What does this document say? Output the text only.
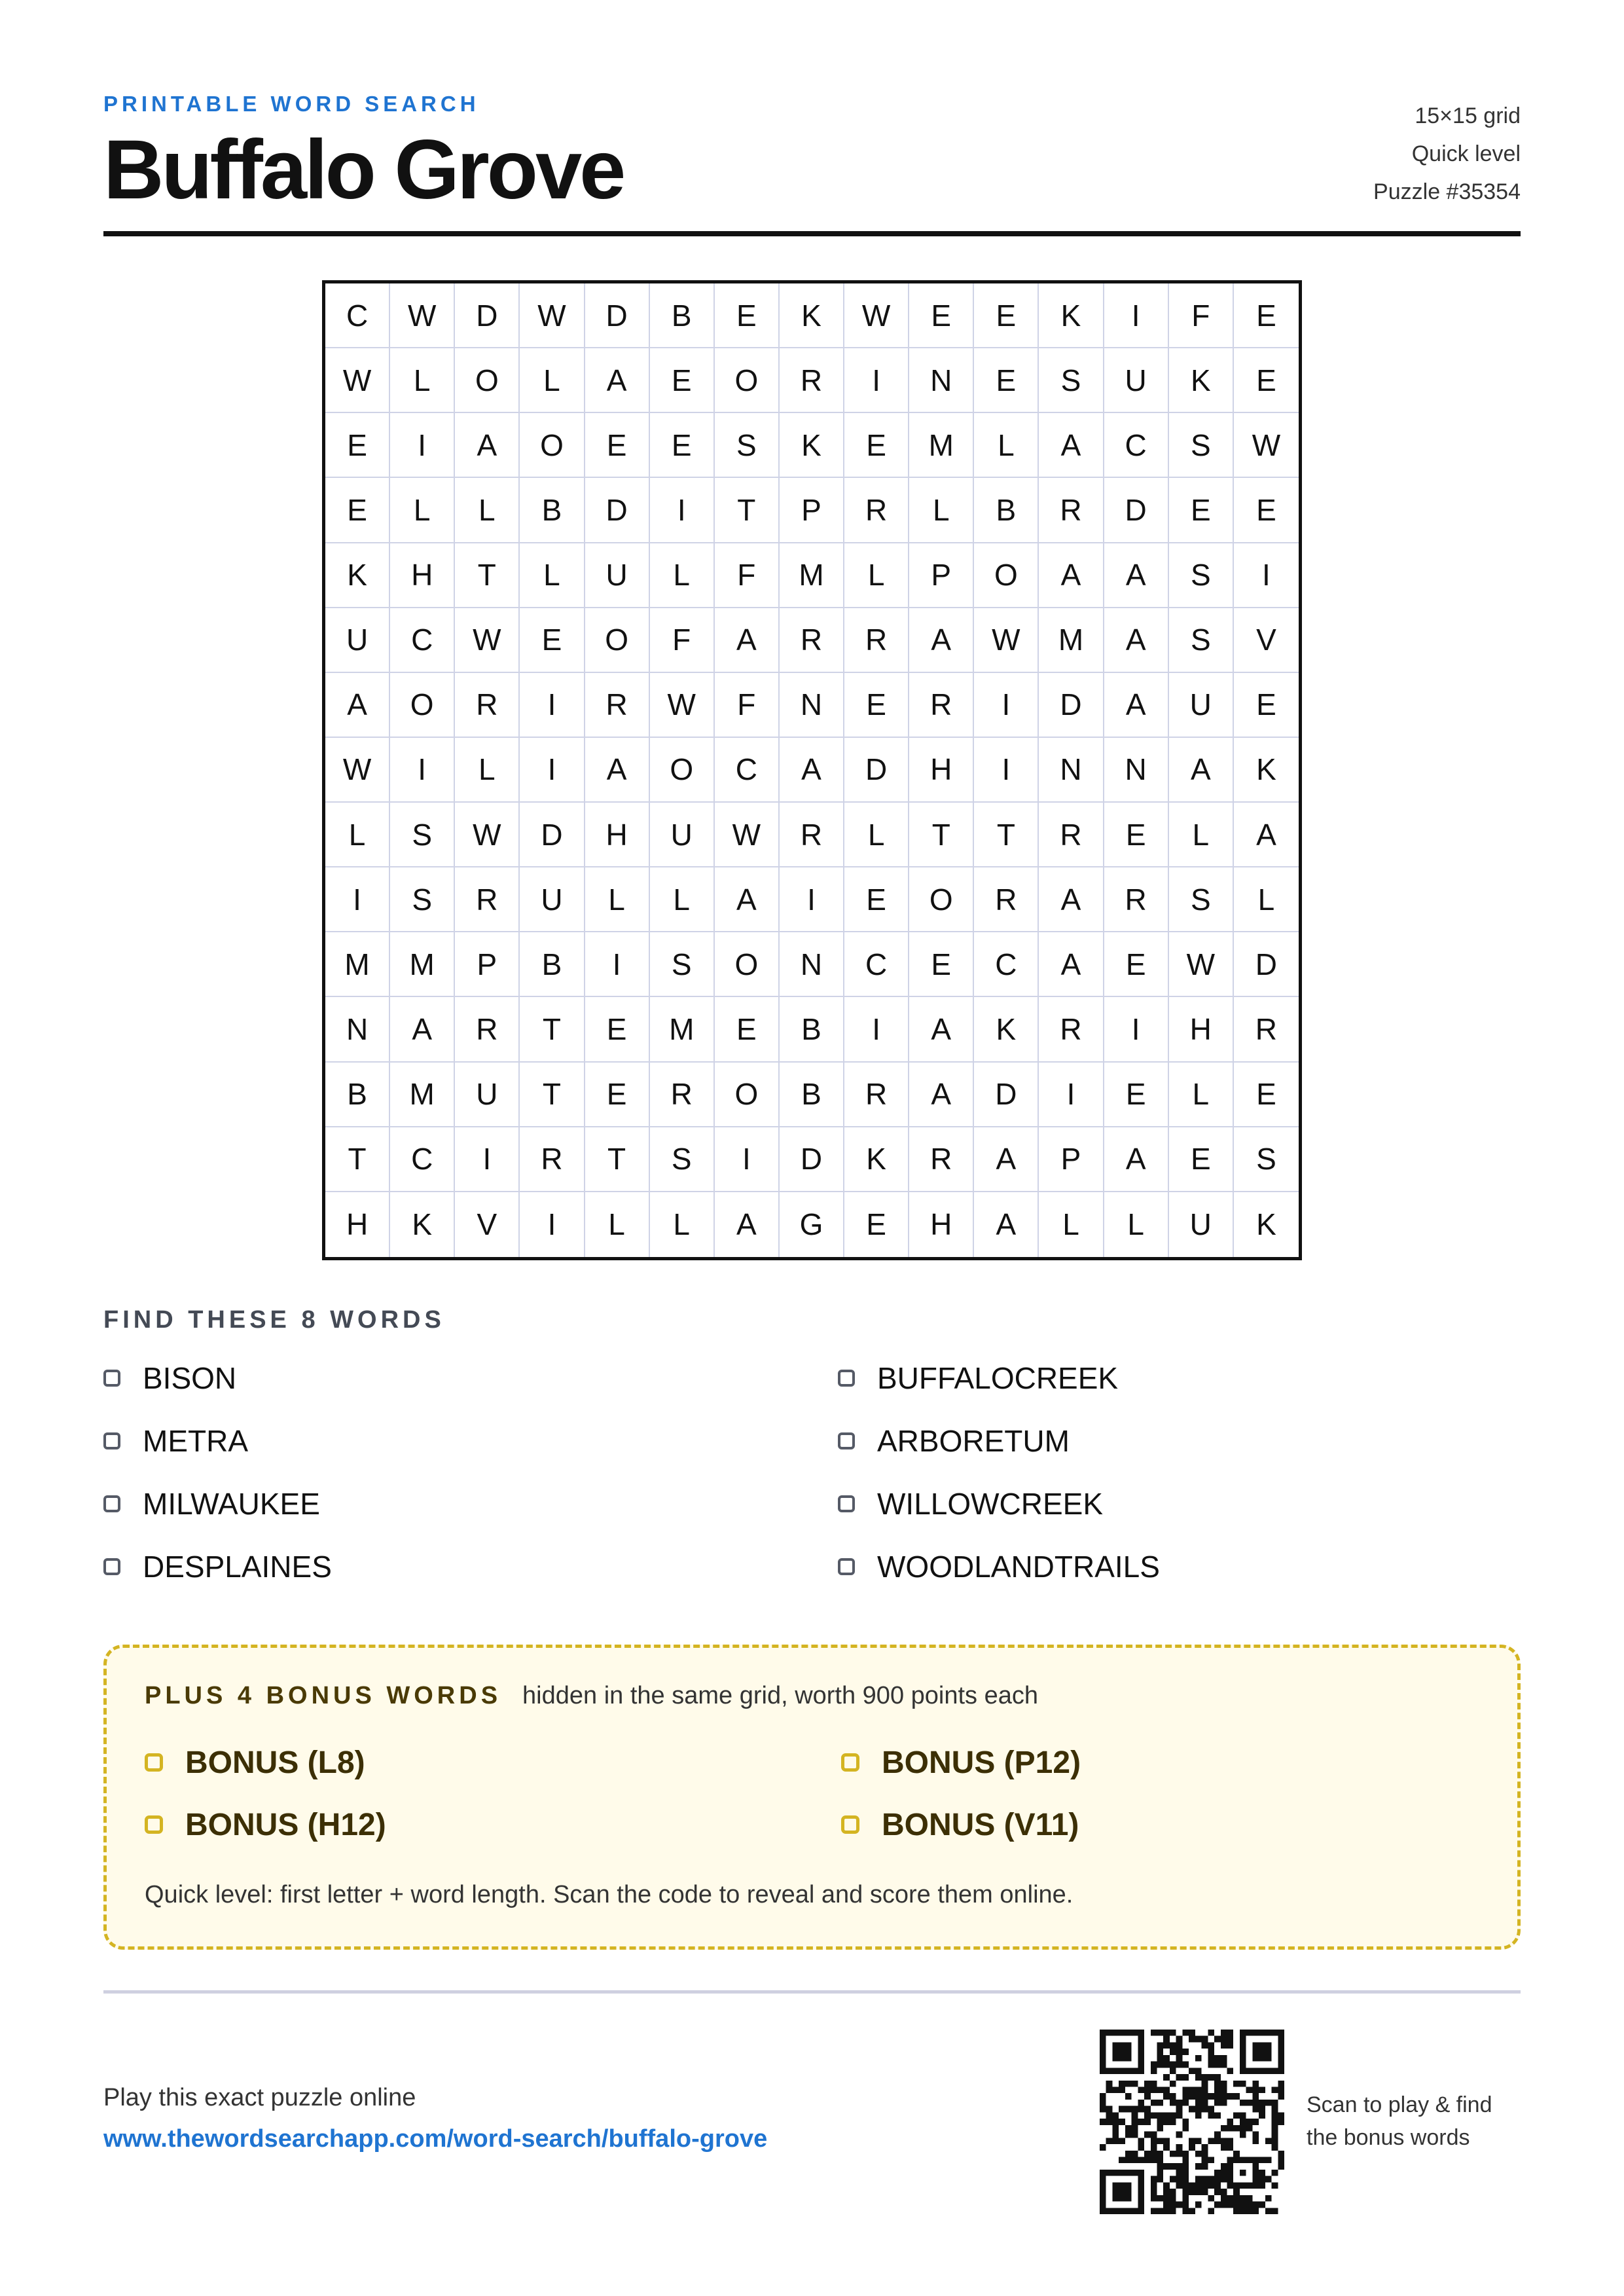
PRINTABLE WORD SEARCH
Buffalo Grove
15×15 grid
Quick level
Puzzle #35354
C	W	D	W	D	B	E	K	W	E	E	K	I	F	E
W	L	O	L	A	E	O	R	I	N	E	S	U	K	E
E	I	A	O	E	E	S	K	E	M	L	A	C	S	W
E	L	L	B	D	I	T	P	R	L	B	R	D	E	E
K	H	T	L	U	L	F	M	L	P	O	A	A	S	I
U	C	W	E	O	F	A	R	R	A	W	M	A	S	V
A	O	R	I	R	W	F	N	E	R	I	D	A	U	E
W	I	L	I	A	O	C	A	D	H	I	N	N	A	K
L	S	W	D	H	U	W	R	L	T	T	R	E	L	A
I	S	R	U	L	L	A	I	E	O	R	A	R	S	L
M	M	P	B	I	S	O	N	C	E	C	A	E	W	D
N	A	R	T	E	M	E	B	I	A	K	R	I	H	R
B	M	U	T	E	R	O	B	R	A	D	I	E	L	E
T	C	I	R	T	S	I	D	K	R	A	P	A	E	S
H	K	V	I	L	L	A	G	E	H	A	L	L	U	K
FIND THESE 8 WORDS
BISON	BUFFALOCREEK
METRA	ARBORETUM
MILWAUKEE	WILLOWCREEK
DESPLAINES	WOODLANDTRAILS
PLUS 4 BONUS WORDS hidden in the same grid, worth 900 points each
BONUS (L8)	BONUS (P12)
BONUS (H12)	BONUS (V11)
Quick level: first letter + word length. Scan the code to reveal and score them online.
Play this exact puzzle online
www.thewordsearchapp.com/word-search/buffalo-grove
Scan to play & find
the bonus words
